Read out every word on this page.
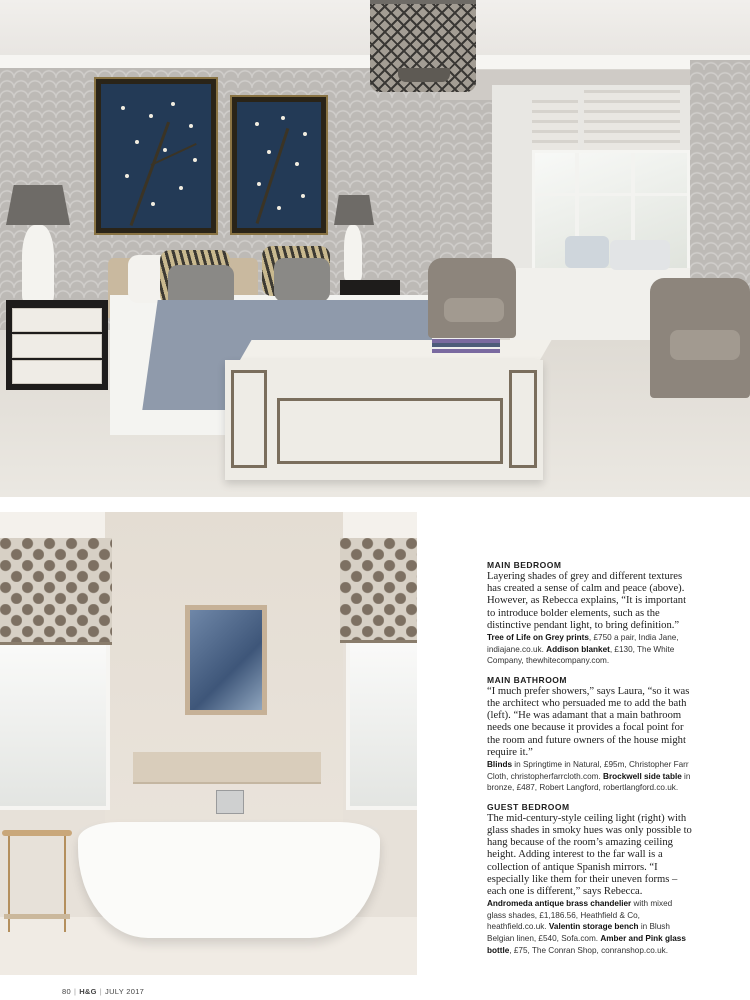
MAIN BEDROOM

Layering shades of grey and different textures has created a sense of calm and peace (above). However, as Rebecca explains, “It is important to introduce bolder elements, such as the distinctive pendant light, to bring definition.”

Tree of Life on Grey prints, £750 a pair, India Jane, indiajane.co.uk. Addison blanket, £130, The White Company, thewhitecompany.com.

MAIN BATHROOM

“I much prefer showers,” says Laura, “so it was the architect who persuaded me to add the bath (left). “He was adamant that a main bathroom needs one because it provides a focal point for the room and future owners of the house might require it.”

Blinds in Springtime in Natural, £95m, Christopher Farr Cloth, christopherfarrcloth.com. Brockwell side table in bronze, £487, Robert Langford, robertlangford.co.uk.

GUEST BEDROOM

The mid-century-style ceiling light (right) with glass shades in smoky hues was only possible to hang because of the room’s amazing ceiling height. Adding interest to the far wall is a collection of antique Spanish mirrors. “I especially like them for their uneven forms – each one is different,” says Rebecca.

Andromeda antique brass chandelier with mixed glass shades, £1,186.56, Heathfield & Co, heathfield.co.uk. Valentin storage bench in Blush Belgian linen, £540, Sofa.com. Amber and Pink glass bottle, £75, The Conran Shop, conranshop.co.uk.

80 | H&G | JULY 2017
